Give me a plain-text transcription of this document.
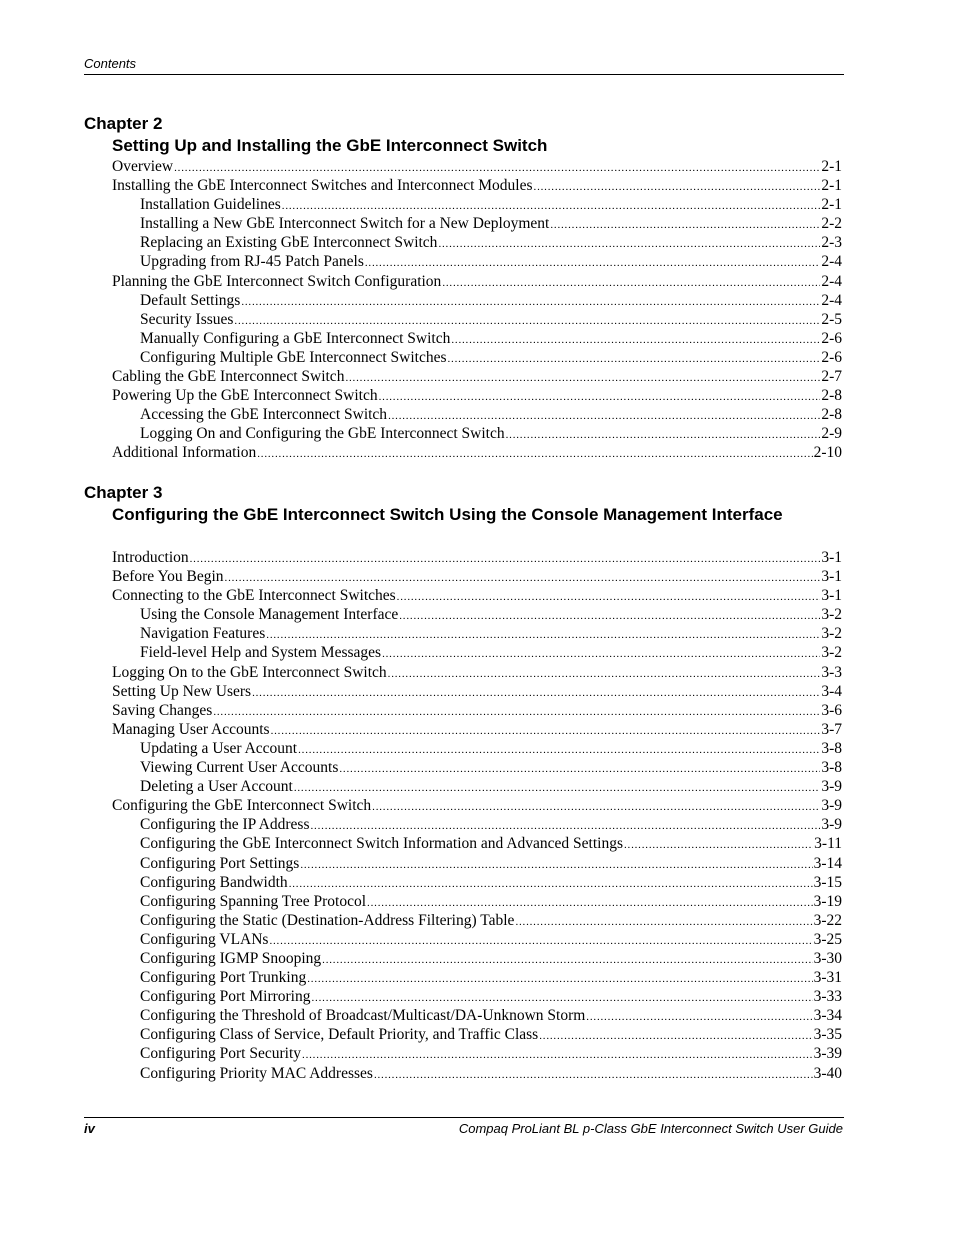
Contents
Chapter 2
Setting Up and Installing the GbE Interconnect Switch
Overview .....	2-1
Installing the GbE Interconnect Switches and Interconnect Modules .....	2-1
Installation Guidelines .....	2-1
Installing a New GbE Interconnect Switch for a New Deployment .....	2-2
Replacing an Existing GbE Interconnect Switch .....	2-3
Upgrading from RJ-45 Patch Panels .....	2-4
Planning the GbE Interconnect Switch Configuration .....	2-4
Default Settings .....	2-4
Security Issues .....	2-5
Manually Configuring a GbE Interconnect Switch .....	2-6
Configuring Multiple GbE Interconnect Switches .....	2-6
Cabling the GbE Interconnect Switch .....	2-7
Powering Up the GbE Interconnect Switch .....	2-8
Accessing the GbE Interconnect Switch .....	2-8
Logging On and Configuring the GbE Interconnect Switch .....	2-9
Additional Information .....	2-10
Chapter 3
Configuring the GbE Interconnect Switch Using the Console Management Interface
Introduction .....	3-1
Before You Begin .....	3-1
Connecting to the GbE Interconnect Switches .....	3-1
Using the Console Management Interface .....	3-2
Navigation Features .....	3-2
Field-level Help and System Messages .....	3-2
Logging On to the GbE Interconnect Switch .....	3-3
Setting Up New Users .....	3-4
Saving Changes .....	3-6
Managing User Accounts .....	3-7
Updating a User Account .....	3-8
Viewing Current User Accounts .....	3-8
Deleting a User Account .....	3-9
Configuring the GbE Interconnect Switch .....	3-9
Configuring the IP Address .....	3-9
Configuring the GbE Interconnect Switch Information and Advanced Settings .....	3-11
Configuring Port Settings .....	3-14
Configuring Bandwidth .....	3-15
Configuring Spanning Tree Protocol .....	3-19
Configuring the Static (Destination-Address Filtering) Table .....	3-22
Configuring VLANs .....	3-25
Configuring IGMP Snooping .....	3-30
Configuring Port Trunking .....	3-31
Configuring Port Mirroring .....	3-33
Configuring the Threshold of Broadcast/Multicast/DA-Unknown Storm .....	3-34
Configuring Class of Service, Default Priority, and Traffic Class .....	3-35
Configuring Port Security .....	3-39
Configuring Priority MAC Addresses .....	3-40
iv	Compaq ProLiant BL p-Class GbE Interconnect Switch User Guide
